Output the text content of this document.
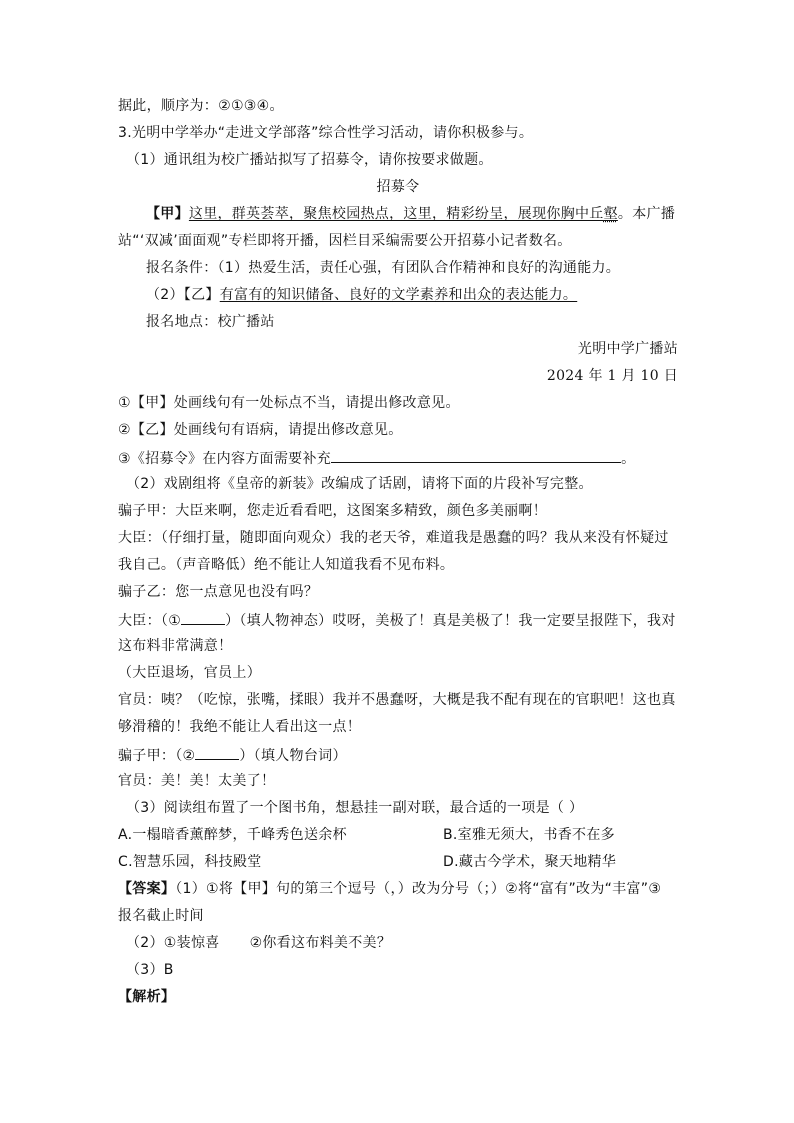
据此，顺序为：②①③④。
3.光明中学举办“走进文学部落”综合性学习活动，请你积极参与。
（1）通讯组为校广播站拟写了招募令，请你按要求做题。
招募令
【甲】这里，群英荟萃，聚焦校园热点，这里，精彩纷呈，展现你胸中丘壑。本广播
站“‘双减’面面观”专栏即将开播，因栏目采编需要公开招募小记者数名。
报名条件：（1）热爱生活，责任心强，有团队合作精神和良好的沟通能力。
（2）【乙】有富有的知识储备、良好的文学素养和出众的表达能力。
报名地点：校广播站
光明中学广播站
2024 年 1 月 10 日
①【甲】处画线句有一处标点不当，请提出修改意见。
②【乙】处画线句有语病，请提出修改意见。
③《招募令》在内容方面需要补充	。
（2）戏剧组将《皇帝的新装》改编成了话剧，请将下面的片段补写完整。
骗子甲：大臣来啊，您走近看看吧，这图案多精致，颜色多美丽啊！
大臣：（仔细打量，随即面向观众）我的老天爷，难道我是愚蠢的吗？我从来没有怀疑过
我自己。（声音略低）绝不能让人知道我看不见布料。
骗子乙：您一点意见也没有吗？
大臣：（①	）（填人物神态）哎呀，美极了！真是美极了！我一定要呈报陛下，我对
这布料非常满意！
（大臣退场，官员上）
官员：咦？（吃惊，张嘴，揉眼）我并不愚蠢呀，大概是我不配有现在的官职吧！这也真
够滑稽的！我绝不能让人看出这一点！
骗子甲：（②	）（填人物台词）
官员：美！美！太美了！
（3）阅读组布置了一个图书角，想悬挂一副对联，最合适的一项是（ ）
A.一榻暗香薰醉梦，千峰秀色送余杯	B.室雅无须大，书香不在多
C.智慧乐园，科技殿堂	D.藏古今学术，聚天地精华
【答案】（1）①将【甲】句的第三个逗号（，）改为分号（；）②将“富有”改为“丰富”③
报名截止时间
（2）①装惊喜 ②你看这布料美不美？
（3）B
【解析】
